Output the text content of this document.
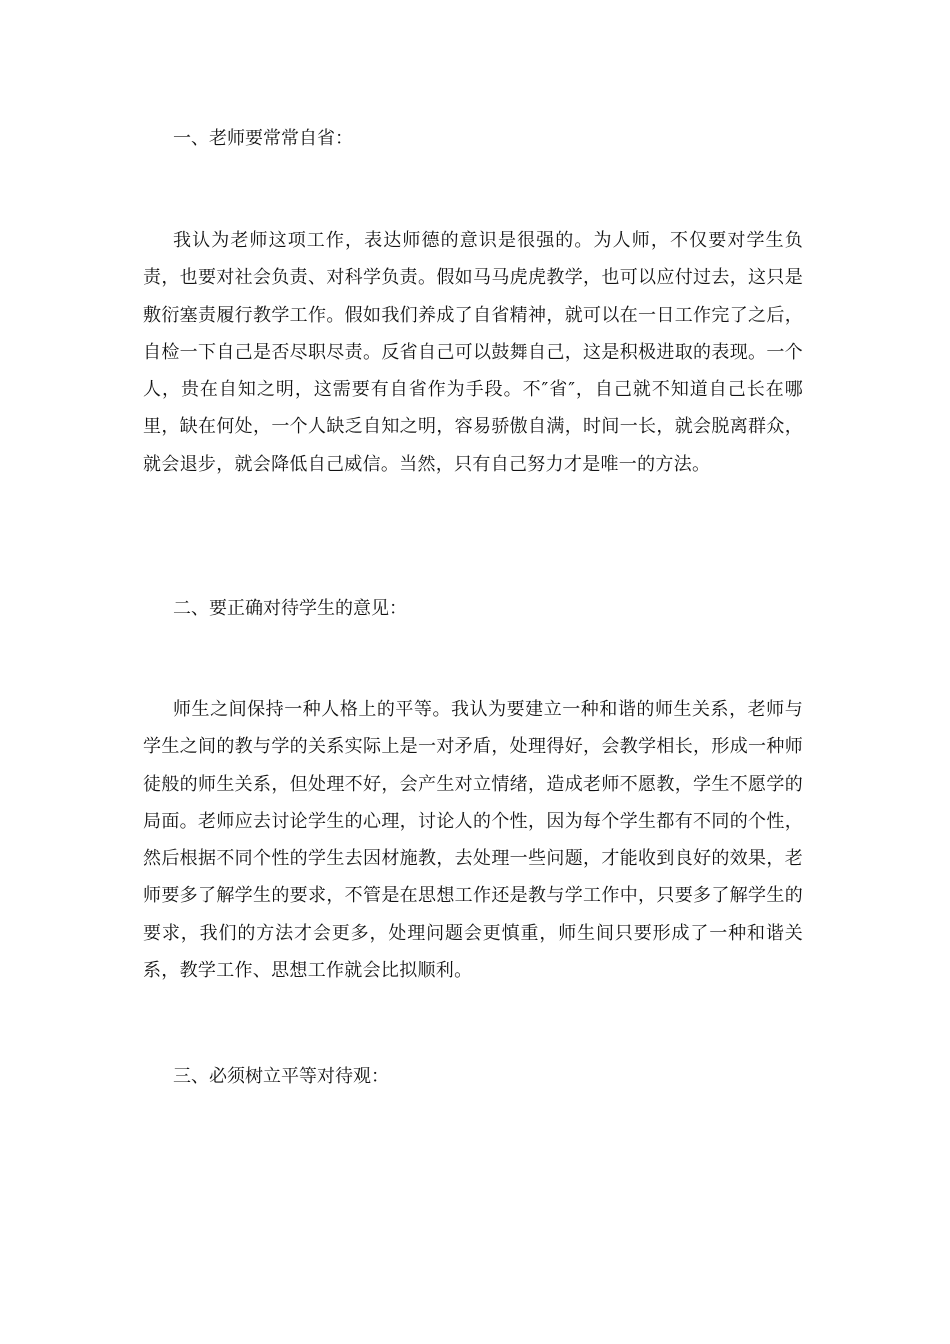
一、老师要常常自省：

我认为老师这项工作，表达师德的意识是很强的。为人师，不仅要对学生负责，也要对社会负责、对科学负责。假如马马虎虎教学，也可以应付过去，这只是敷衍塞责履行教学工作。假如我们养成了自省精神，就可以在一日工作完了之后，自检一下自己是否尽职尽责。反省自己可以鼓舞自己，这是积极进取的表现。一个人，贵在自知之明，这需要有自省作为手段。不″省″，自己就不知道自己长在哪里，缺在何处，一个人缺乏自知之明，容易骄傲自满，时间一长，就会脱离群众，就会退步，就会降低自己威信。当然，只有自己努力才是唯一的方法。

二、要正确对待学生的意见：

师生之间保持一种人格上的平等。我认为要建立一种和谐的师生关系，老师与学生之间的教与学的关系实际上是一对矛盾，处理得好，会教学相长，形成一种师徒般的师生关系，但处理不好，会产生对立情绪，造成老师不愿教，学生不愿学的局面。老师应去讨论学生的心理，讨论人的个性，因为每个学生都有不同的个性，然后根据不同个性的学生去因材施教，去处理一些问题，才能收到良好的效果，老师要多了解学生的要求，不管是在思想工作还是教与学工作中，只要多了解学生的要求，我们的方法才会更多，处理问题会更慎重，师生间只要形成了一种和谐关系，教学工作、思想工作就会比拟顺利。

三、必须树立平等对待观：
